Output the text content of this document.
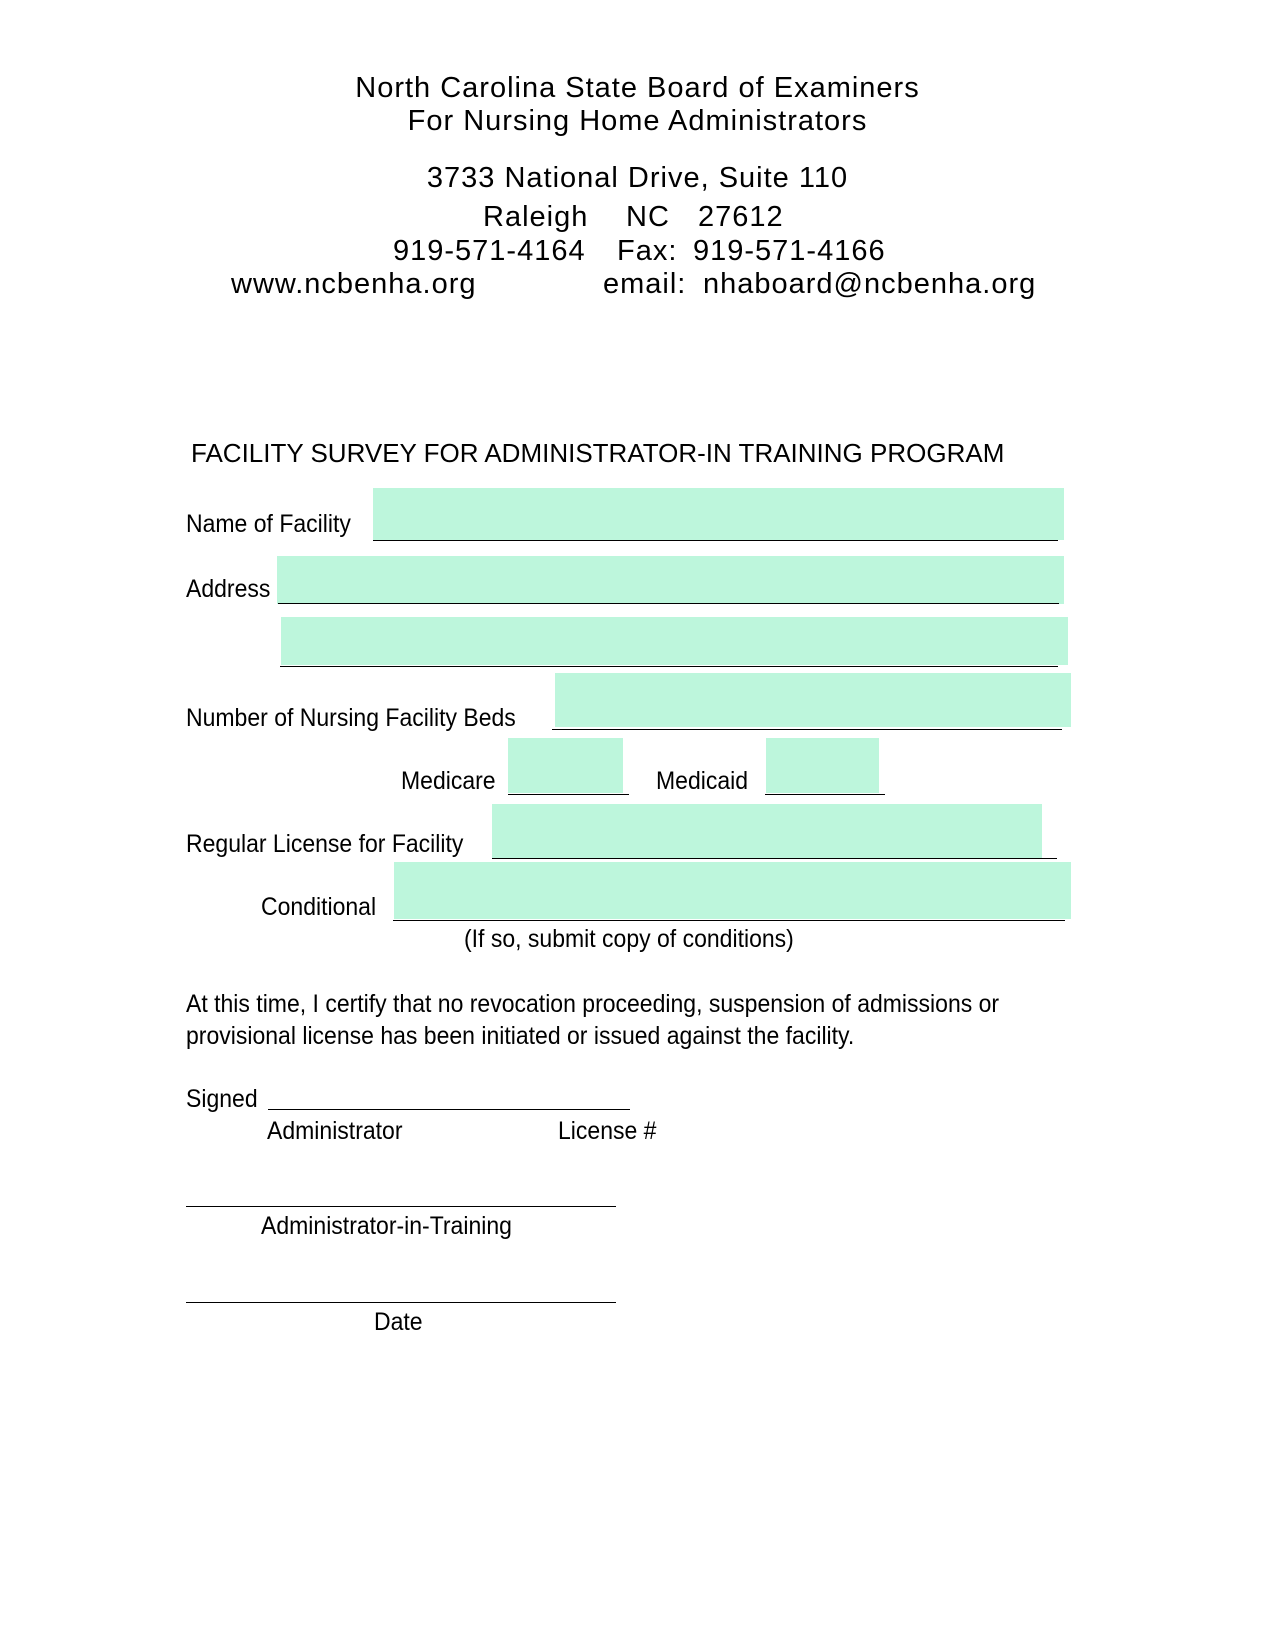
North Carolina State Board of Examiners
For Nursing Home Administrators
3733 National Drive, Suite 110
Raleigh NC 27612
919-571-4164 Fax: 919-571-4166
www.ncbenha.org	email: nhaboard@ncbenha.org
FACILITY SURVEY FOR ADMINISTRATOR-IN TRAINING PROGRAM
Name of Facility
Address
Number of Nursing Facility Beds
Medicare	Medicaid
Regular License for Facility
Conditional
(If so, submit copy of conditions)
At this time, I certify that no revocation proceeding, suspension of admissions or
provisional license has been initiated or issued against the facility.
Signed
Administrator	License #
Administrator-in-Training
Date
